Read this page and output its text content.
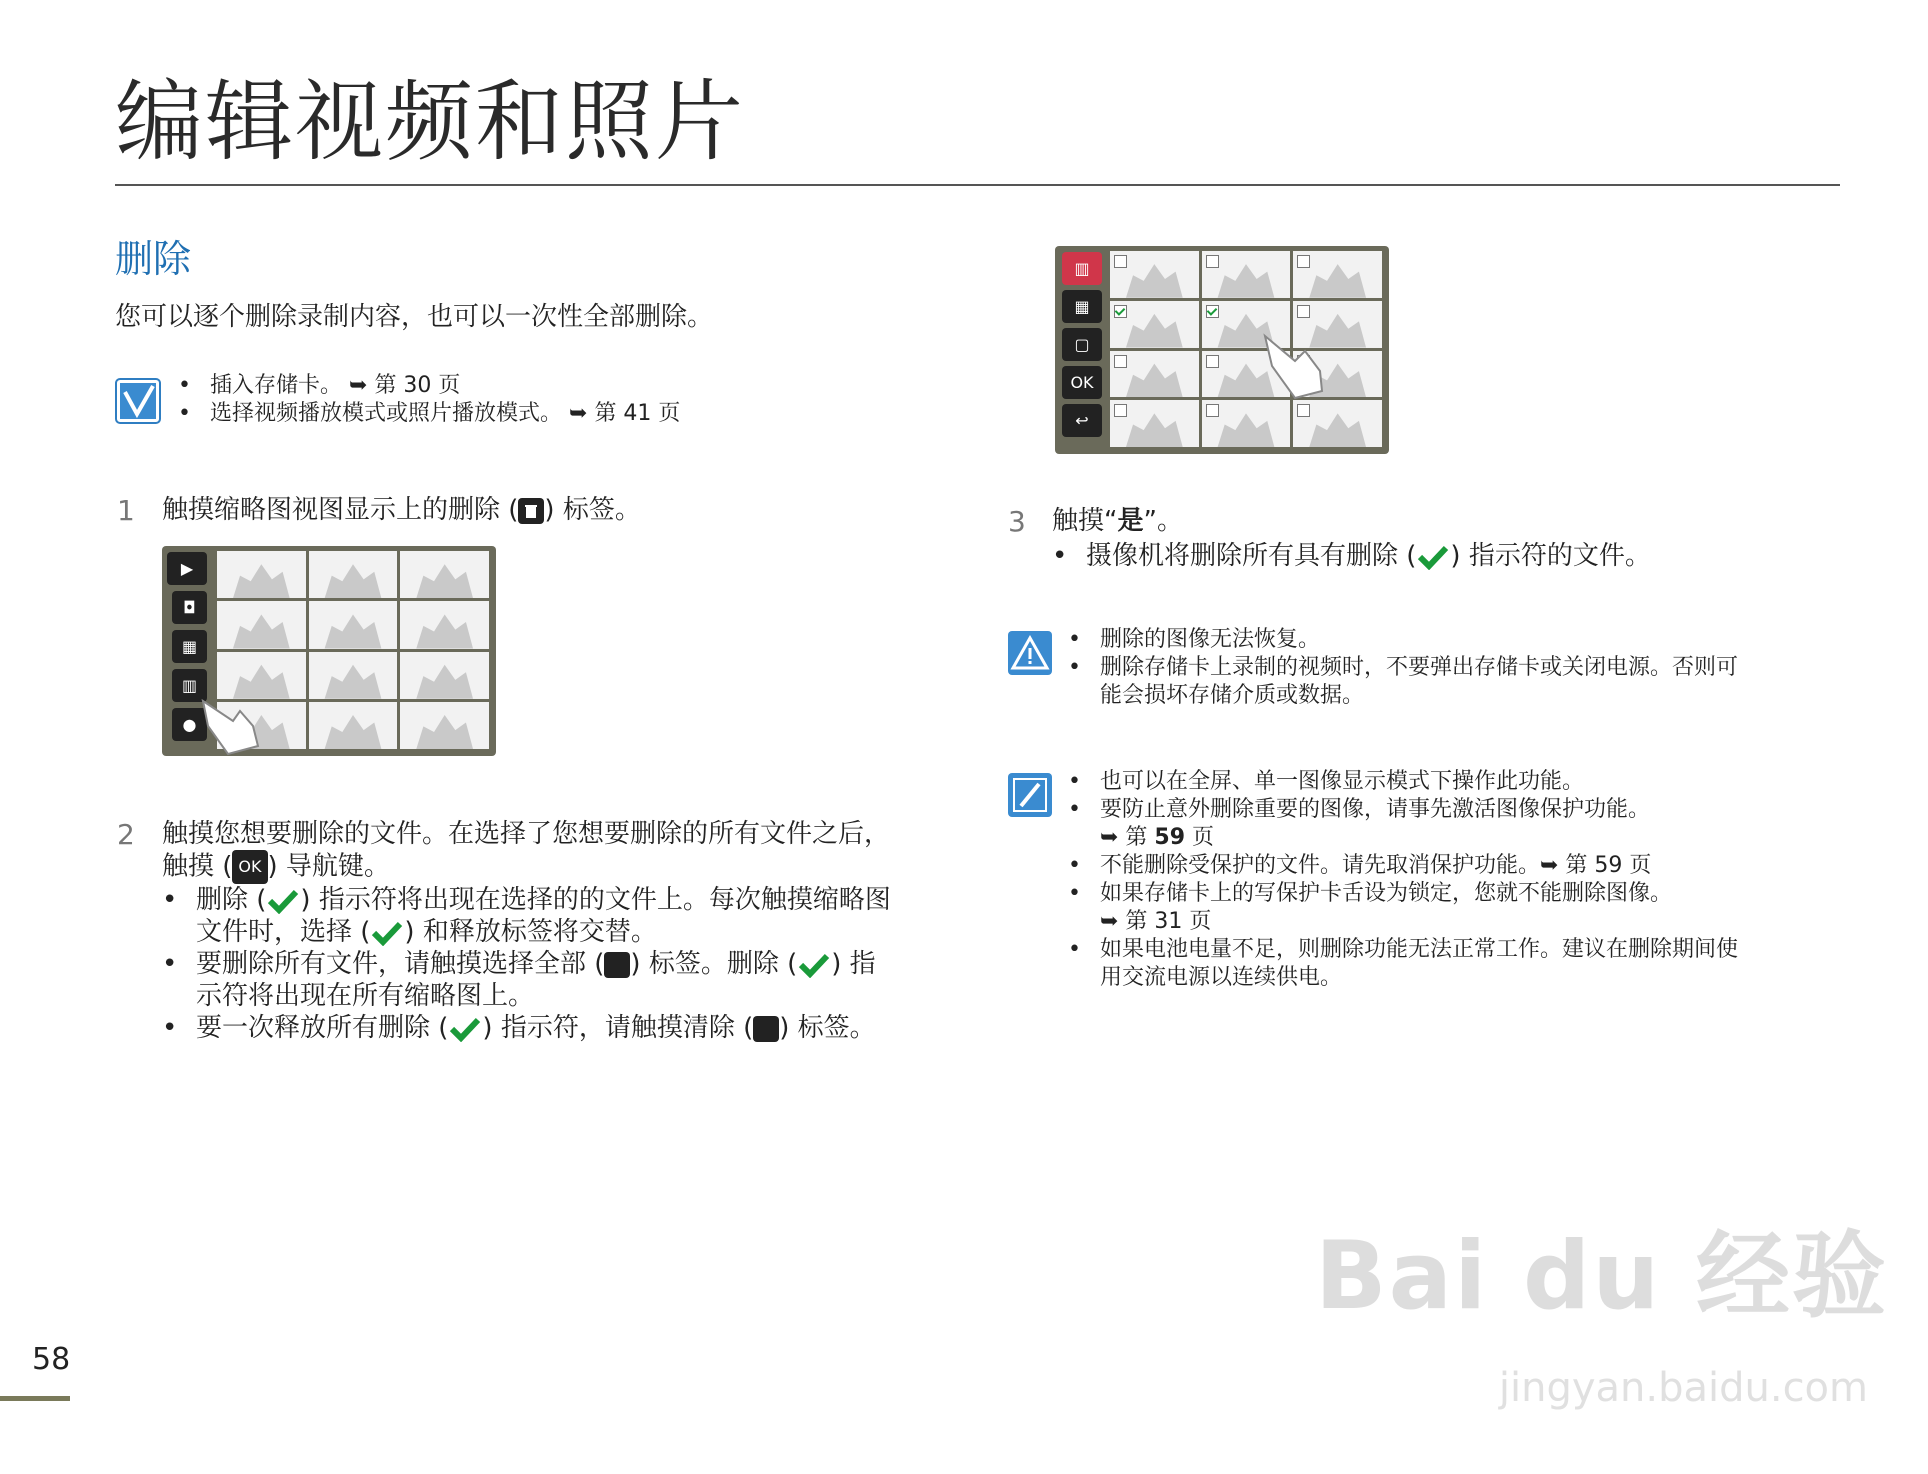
编辑视频和照片
删除
您可以逐个删除录制内容，也可以一次性全部删除。
• 插入存储卡。 ➥ 第 30 页
• 选择视频播放模式或照片播放模式。 ➥ 第 41 页
1 触摸缩略图视图显示上的删除 ( ) 标签。
▶
◘
▦
▥
●
2 触摸您想要删除的文件。在选择了您想要删除的所有文件之后，
触摸 ( OK ) 导航键。
• 删除 ( ) 指示符将出现在选择的的文件上。每次触摸缩略图
文件时，选择 ( ) 和释放标签将交替。
• 要删除所有文件，请触摸选择全部 ( ) 标签。删除 ( ) 指
示符将出现在所有缩略图上。
• 要一次释放所有删除 ( ) 指示符，请触摸清除 ( ) 标签。
▥
▦
▢
OK
↩
3 触摸“是”。
• 摄像机将删除所有具有删除 ( ) 指示符的文件。
• 删除的图像无法恢复。
• 删除存储卡上录制的视频时，不要弹出存储卡或关闭电源。否则可
能会损坏存储介质或数据。
• 也可以在全屏、单一图像显示模式下操作此功能。
• 要防止意外删除重要的图像，请事先激活图像保护功能。
➥ 第 59 页
• 不能删除受保护的文件。请先取消保护功能。➥ 第 59 页
• 如果存储卡上的写保护卡舌设为锁定，您就不能删除图像。
➥ 第 31 页
• 如果电池电量不足，则删除功能无法正常工作。建议在删除期间使
用交流电源以连续供电。
58
Bai du 经验
jingyan.baidu.com
